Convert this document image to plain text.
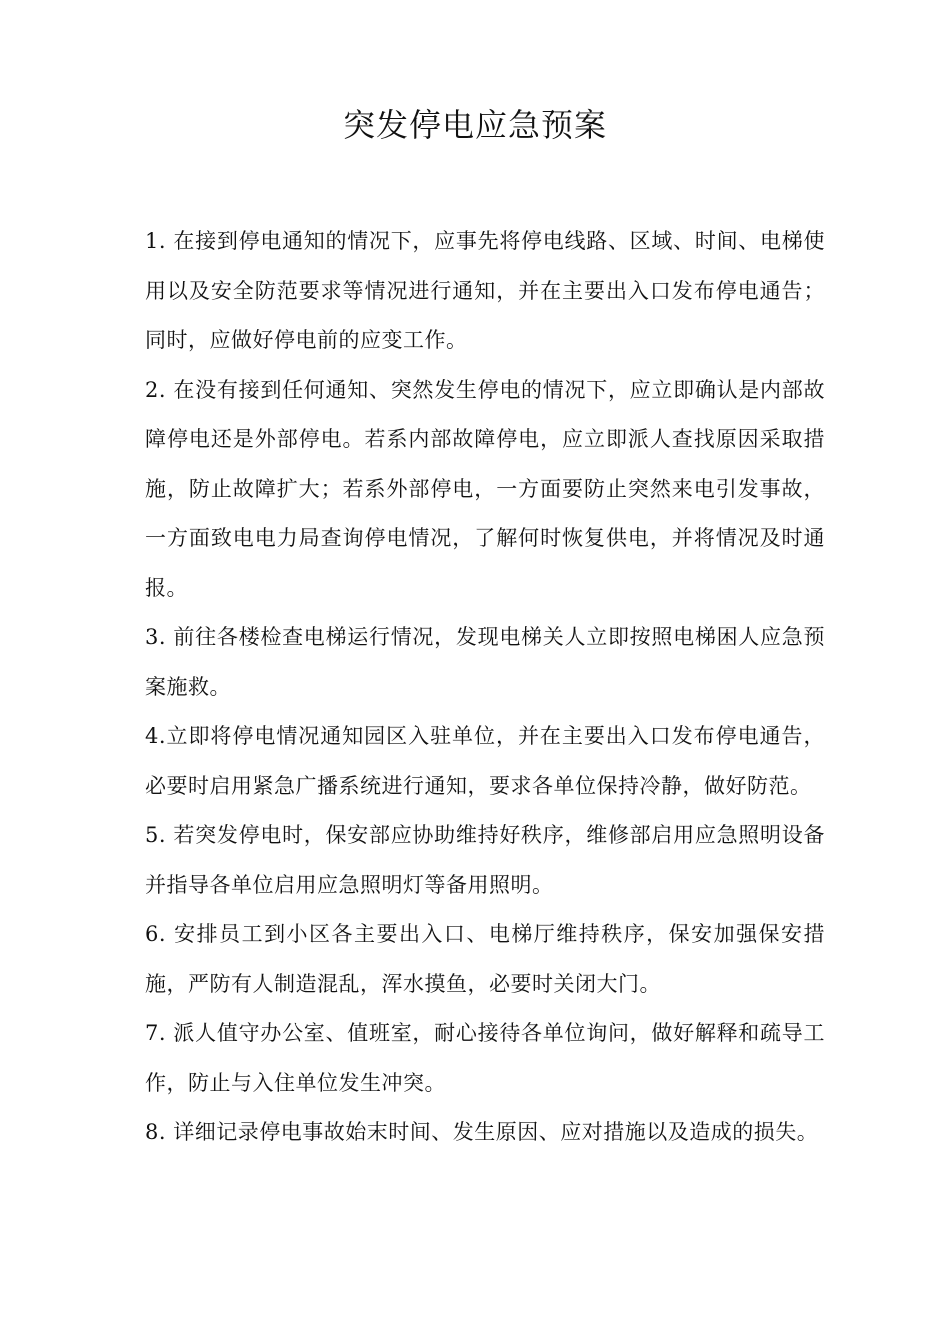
突发停电应急预案

1. 在接到停电通知的情况下，应事先将停电线路、区域、时间、电梯使用以及安全防范要求等情况进行通知，并在主要出入口发布停电通告；同时，应做好停电前的应变工作。

2. 在没有接到任何通知、突然发生停电的情况下，应立即确认是内部故障停电还是外部停电。若系内部故障停电，应立即派人查找原因采取措施，防止故障扩大；若系外部停电，一方面要防止突然来电引发事故，一方面致电电力局查询停电情况，了解何时恢复供电，并将情况及时通报。

3. 前往各楼检查电梯运行情况，发现电梯关人立即按照电梯困人应急预案施救。

4.立即将停电情况通知园区入驻单位，并在主要出入口发布停电通告，必要时启用紧急广播系统进行通知，要求各单位保持冷静，做好防范。

5. 若突发停电时，保安部应协助维持好秩序，维修部启用应急照明设备并指导各单位启用应急照明灯等备用照明。

6. 安排员工到小区各主要出入口、电梯厅维持秩序，保安加强保安措施，严防有人制造混乱，浑水摸鱼，必要时关闭大门。

7. 派人值守办公室、值班室，耐心接待各单位询问，做好解释和疏导工作，防止与入住单位发生冲突。

8. 详细记录停电事故始末时间、发生原因、应对措施以及造成的损失。
